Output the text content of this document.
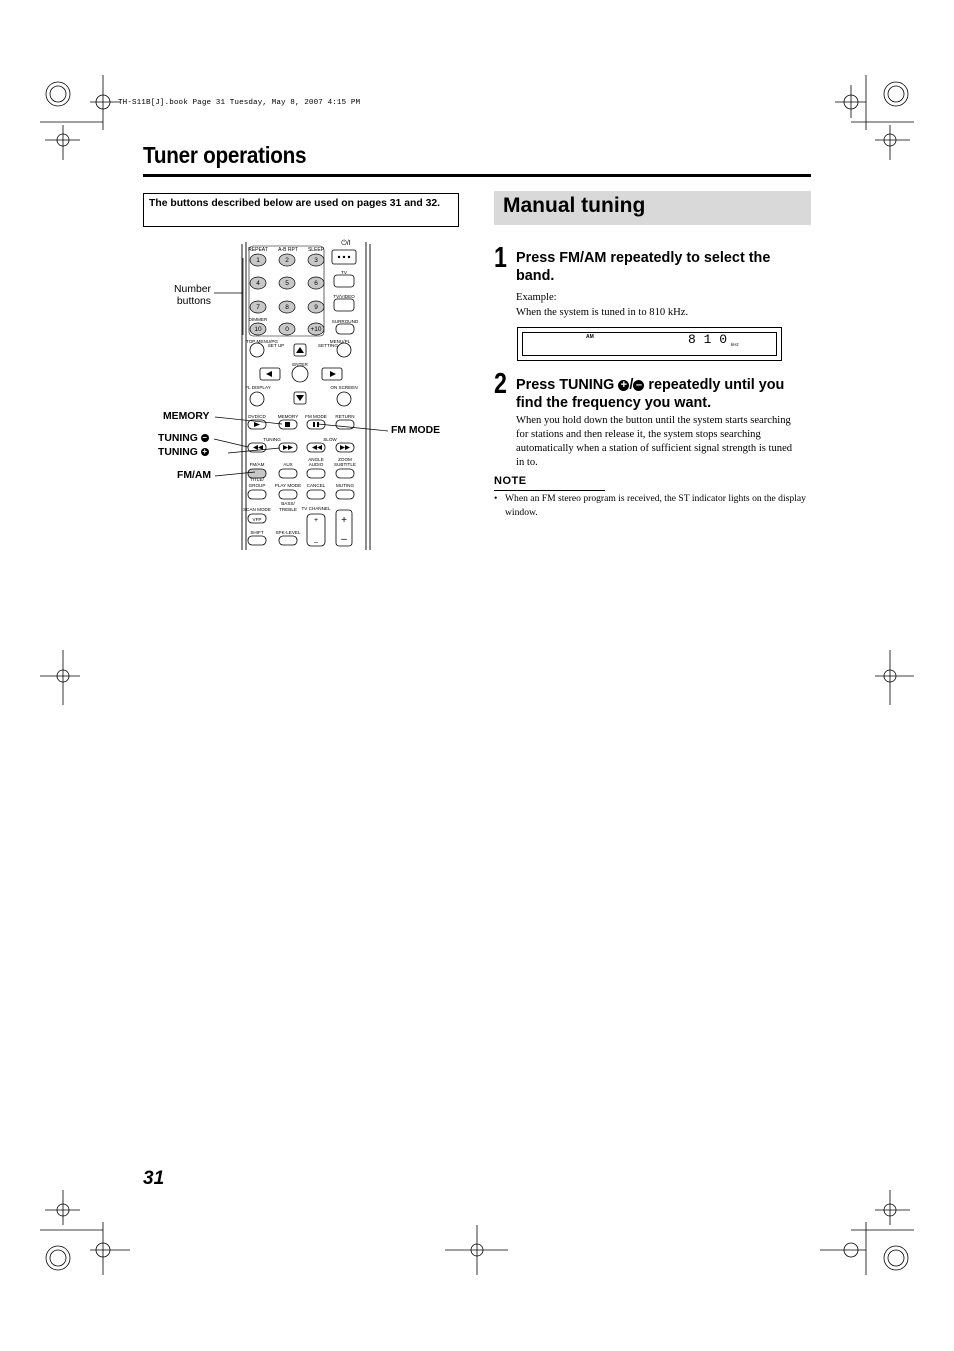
TH-S11B[J].book Page 31 Tuesday, May 8, 2007 4:15 PM
Tuner operations
The buttons described below are used on pages 31 and 32.
REPEAT A-B RPT	SLEEP
⏻/I
1	2	3
4	5	6
7	8	9
10	0	+10
+
–
+
–
TV
TV/VIDEO
DIMMER	SURROUND
TOP MENU/PG
SET UP
MENU/PL
SETTING
ENTER
FL DISPLAY	ON SCREEN
DVD/CD	MEMORY FM MODE RETURN
TUNING	SLOW
FM/AM	AUX
ANGLE
AUDIO
ZOOM
SUBTITLE
TITLE/
GROUP PLAY MODE CANCEL MUTING
SCAN MODE
BASS/
TREBLE TV CHANNEL
VFP
SHIFT	SPK-LEVEL
Number buttons
MEMORY
TUNING –
TUNING +
FM/AM
FM MODE
Manual tuning
1 Press FM/AM repeatedly to select the band.
Example:
When the system is tuned in to 810 kHz.
AM	8 1 0 kHz
2 Press TUNING + / – repeatedly until you find the frequency you want.
When you hold down the button until the system starts searching for stations and then release it, the system stops searching automatically when a station of sufficient signal strength is tuned in to.
NOTE
• When an FM stereo program is received, the ST indicator lights on the display window.
31
